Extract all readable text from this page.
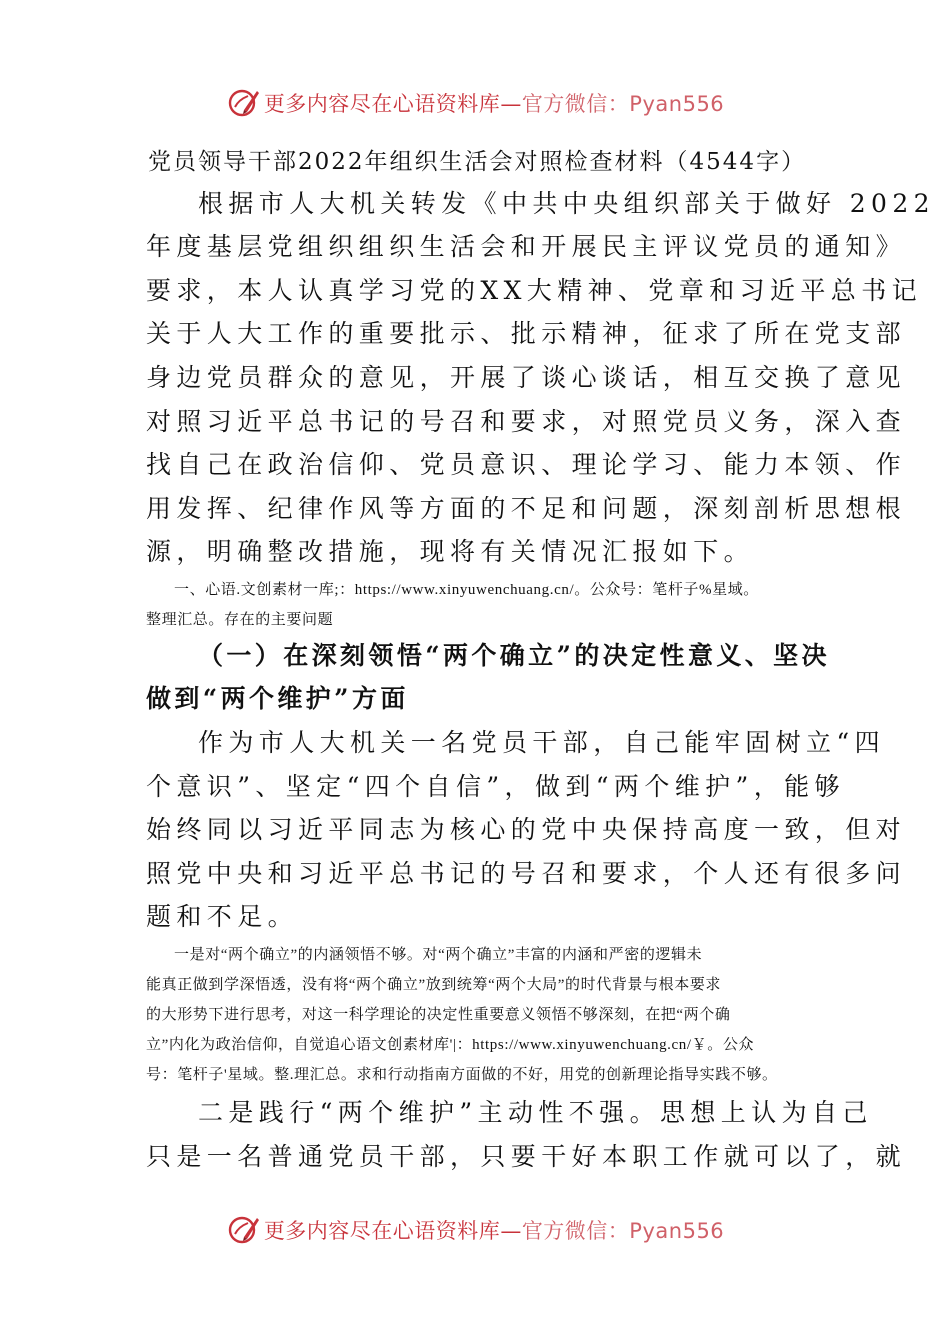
更多内容尽在心语资料库—官方微信：Pyan556
党员领导干部2022年组织生活会对照检查材料（4544字）
根据市人大机关转发《中共中央组织部关于做好 2022
年度基层党组织组织生活会和开展民主评议党员的通知》
要求，本人认真学习党的XX大精神、党章和习近平总书记
关于人大工作的重要批示、批示精神，征求了所在党支部
身边党员群众的意见，开展了谈心谈话，相互交换了意见
对照习近平总书记的号召和要求，对照党员义务，深入查
找自己在政治信仰、党员意识、理论学习、能力本领、作
用发挥、纪律作风等方面的不足和问题，深刻剖析思想根
源，明确整改措施，现将有关情况汇报如下。
一、心语.文创素材一库;：https://www.xinyuwenchuang.cn/。公众号：笔杆子%星域。
整理汇总。存在的主要问题
（一）在深刻领悟“两个确立”的决定性意义、坚决
做到“两个维护”方面
作为市人大机关一名党员干部，自己能牢固树立“四
个意识”、坚定“四个自信”，做到“两个维护”，能够
始终同以习近平同志为核心的党中央保持高度一致，但对
照党中央和习近平总书记的号召和要求，个人还有很多问
题和不足。
一是对“两个确立”的内涵领悟不够。对“两个确立”丰富的内涵和严密的逻辑未
能真正做到学深悟透，没有将“两个确立”放到统筹“两个大局”的时代背景与根本要求
的大形势下进行思考，对这一科学理论的决定性重要意义领悟不够深刻，在把“两个确
立”内化为政治信仰，自觉追心语文创素材库'|：https://www.xinyuwenchuang.cn/￥。公众
号：笔杆子'星域。整.理汇总。求和行动指南方面做的不好，用党的创新理论指导实践不够。
二是践行“两个维护”主动性不强。思想上认为自己
只是一名普通党员干部，只要干好本职工作就可以了，就
更多内容尽在心语资料库—官方微信：Pyan556
